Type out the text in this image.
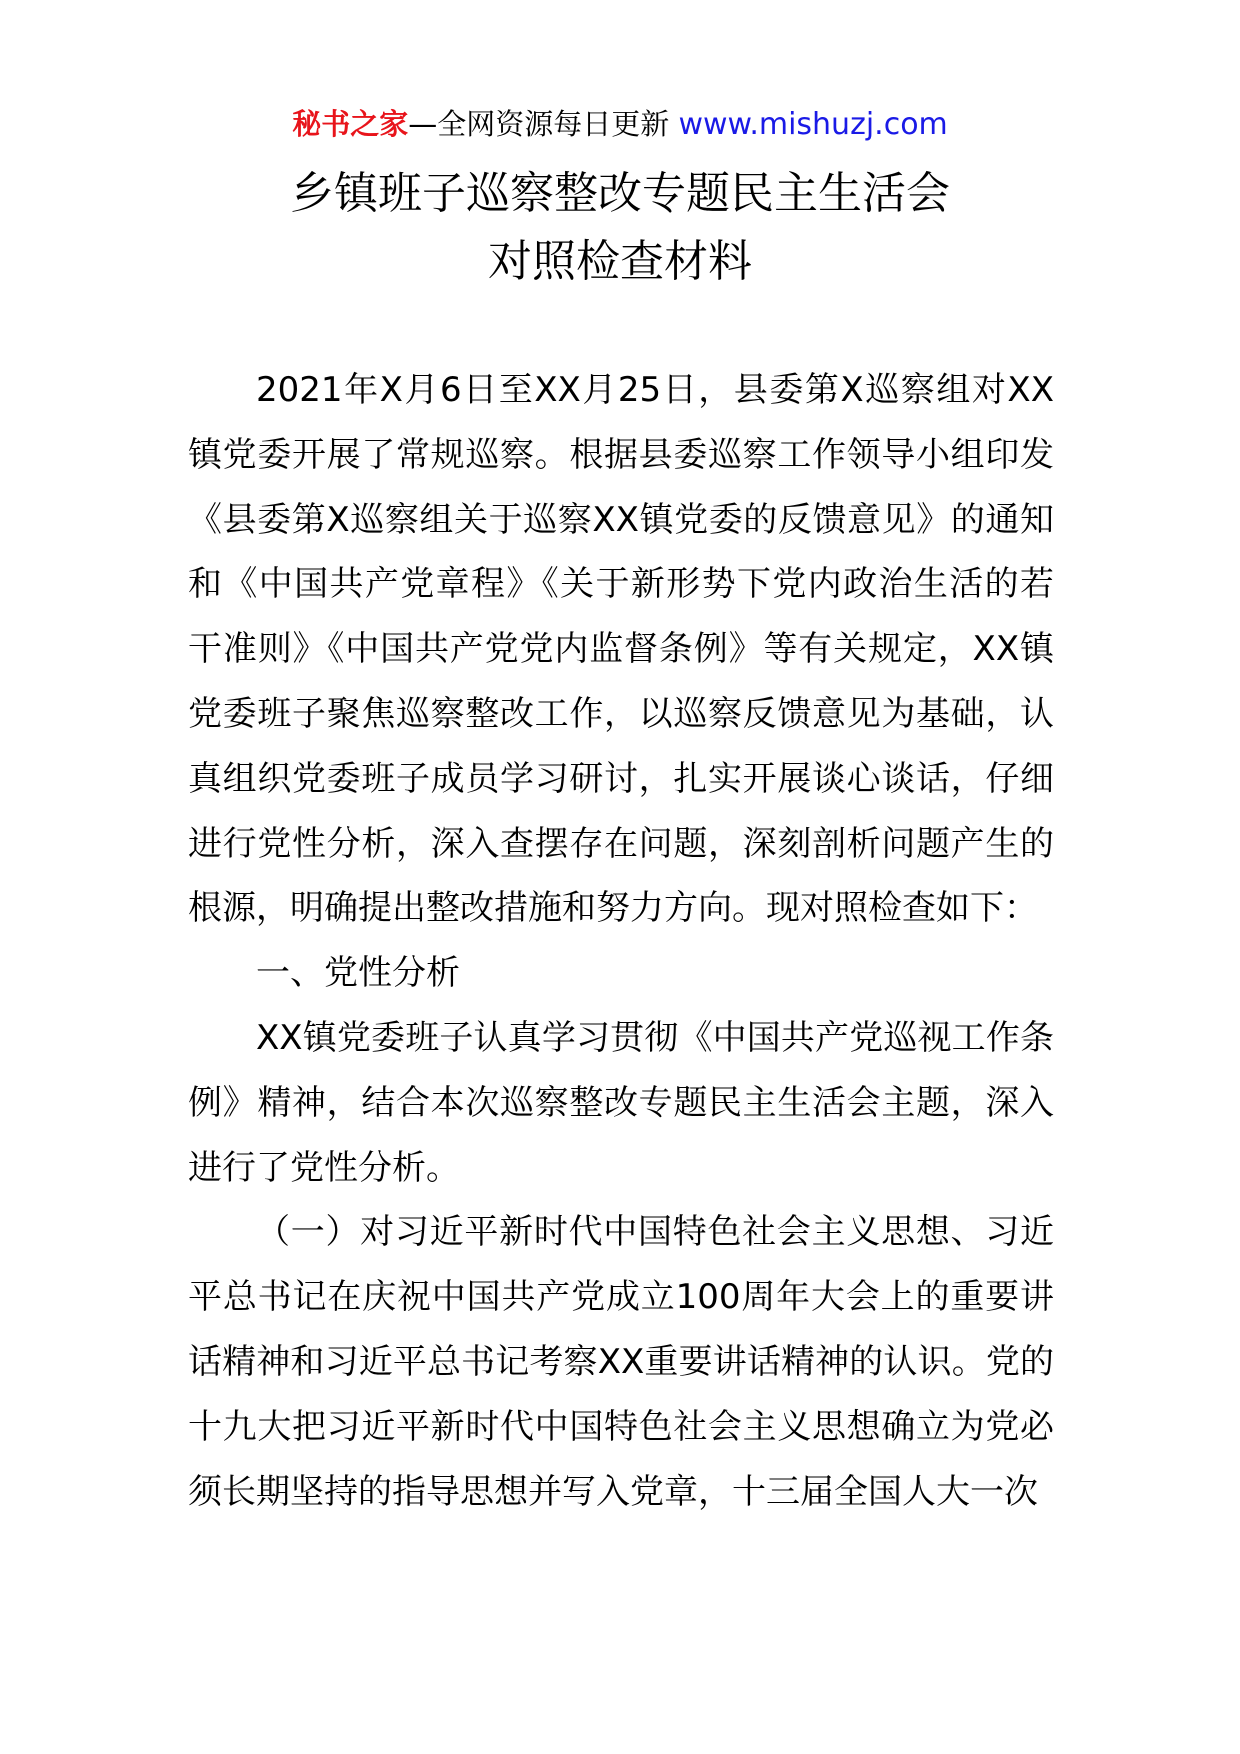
秘书之家—全网资源每日更新 www.mishuzj.com
乡镇班子巡察整改专题民主生活会
对照检查材料

2021年X月6日至XX月25日，县委第X巡察组对XX镇党委开展了常规巡察。根据县委巡察工作领导小组印发《县委第X巡察组关于巡察XX镇党委的反馈意见》的通知和《中国共产党章程》《关于新形势下党内政治生活的若干准则》《中国共产党党内监督条例》等有关规定，XX镇党委班子聚焦巡察整改工作，以巡察反馈意见为基础，认真组织党委班子成员学习研讨，扎实开展谈心谈话，仔细进行党性分析，深入查摆存在问题，深刻剖析问题产生的根源，明确提出整改措施和努力方向。现对照检查如下：

一、党性分析

XX镇党委班子认真学习贯彻《中国共产党巡视工作条例》精神，结合本次巡察整改专题民主生活会主题，深入进行了党性分析。

（一）对习近平新时代中国特色社会主义思想、习近平总书记在庆祝中国共产党成立100周年大会上的重要讲话精神和习近平总书记考察XX重要讲话精神的认识。党的十九大把习近平新时代中国特色社会主义思想确立为党必须长期坚持的指导思想并写入党章，十三届全国人大一次
